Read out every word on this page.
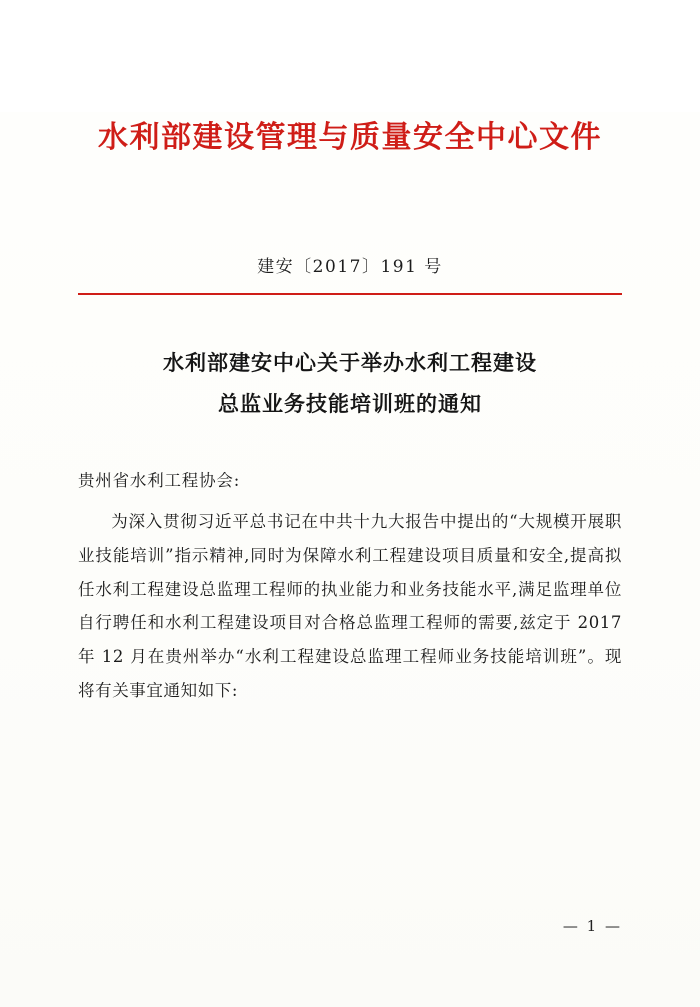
水利部建设管理与质量安全中心文件
建安〔2017〕191 号
水利部建安中心关于举办水利工程建设
总监业务技能培训班的通知
贵州省水利工程协会:
为深入贯彻习近平总书记在中共十九大报告中提出的“大规模开展职业技能培训”指示精神,同时为保障水利工程建设项目质量和安全,提高拟任水利工程建设总监理工程师的执业能力和业务技能水平,满足监理单位自行聘任和水利工程建设项目对合格总监理工程师的需要,兹定于 2017 年 12 月在贵州举办“水利工程建设总监理工程师业务技能培训班”。现将有关事宜通知如下:
— 1 —
